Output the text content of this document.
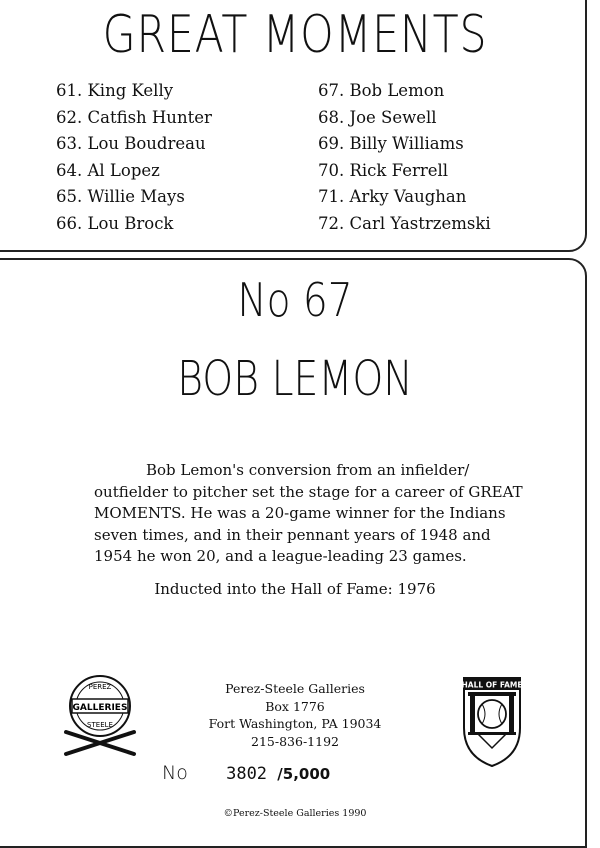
GREAT MOMENTS
61. King Kelly
62. Catfish Hunter
63. Lou Boudreau
64. Al Lopez
65. Willie Mays
66. Lou Brock
67. Bob Lemon
68. Joe Sewell
69. Billy Williams
70. Rick Ferrell
71. Arky Vaughan
72. Carl Yastrzemski
No 67
BOB LEMON

Bob Lemon's conversion from an infielder/ outfielder to pitcher set the stage for a career of GREAT MOMENTS. He was a 20-game winner for the Indians seven times, and in their pennant years of 1948 and 1954 he won 20, and a league-leading 23 games.

Inducted into the Hall of Fame: 1976
PEREZ
GALLERIES
STEELE
Perez-Steele Galleries
Box 1776
Fort Washington, PA 19034
215-836-1192
HALL OF FAME
No 3802 /5,000
©Perez-Steele Galleries 1990
